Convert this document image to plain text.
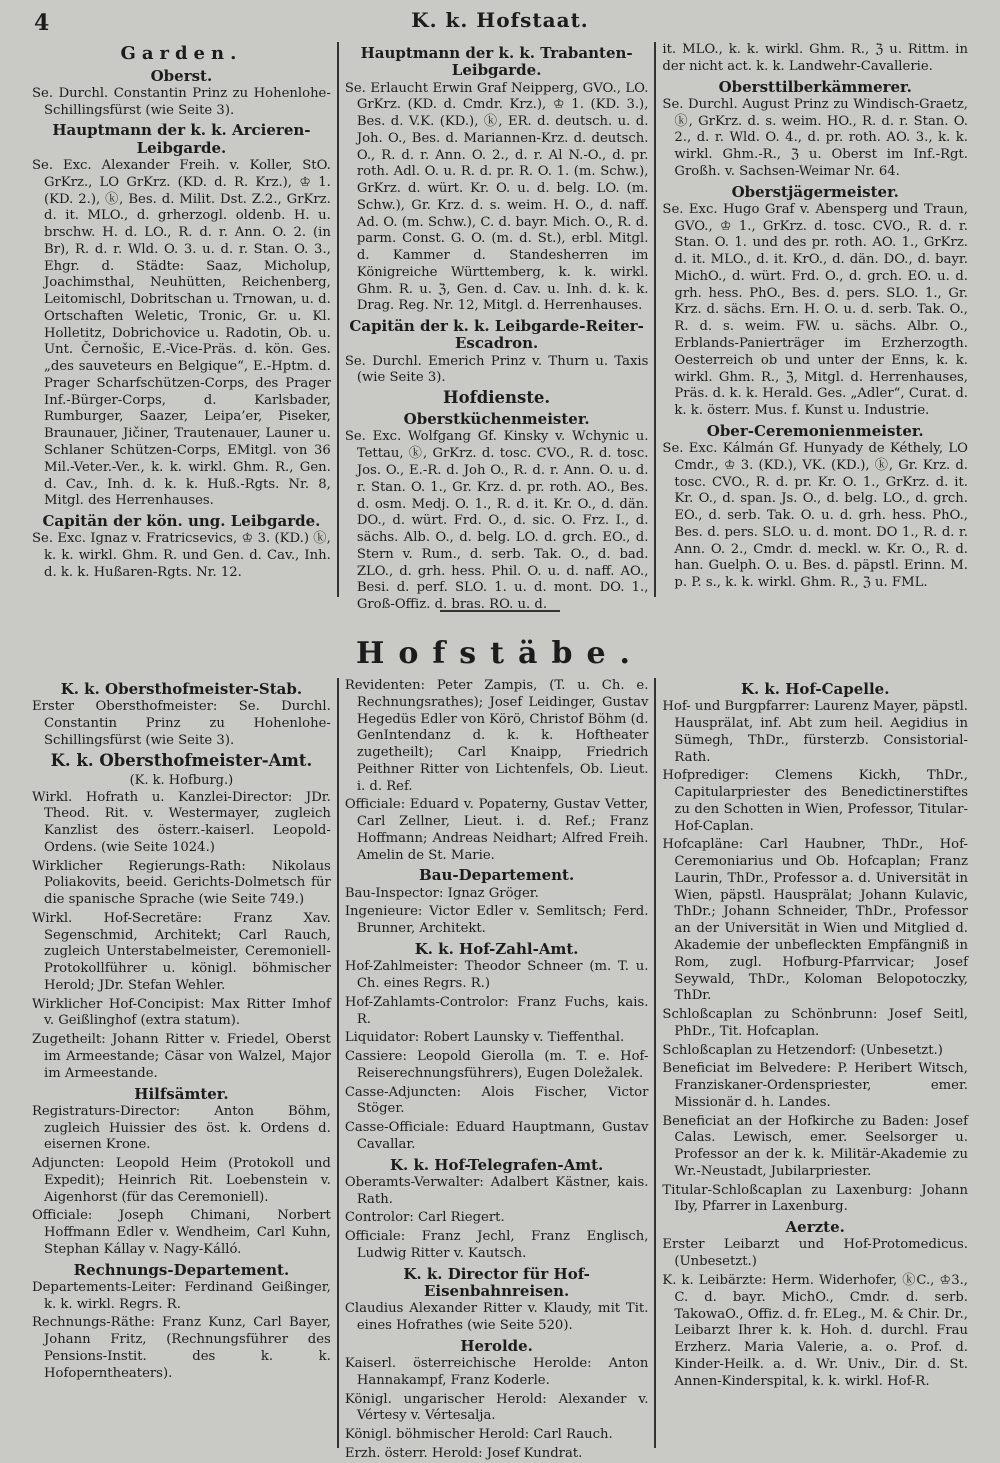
4	K. k. Hofstaat.
Garden.
Oberst.

Se. Durchl. Constantin Prinz zu Hohenlohe-Schillingsfürst (wie Seite 3).

Hauptmann der k. k. Arcieren-Leibgarde.

Se. Exc. Alexander Freih. v. Koller, StO. GrKrz., LO GrKrz. (KD. d. R. Krz.), ♔ 1. (KD. 2.), ⓚ, Bes. d. Milit. Dst. Z.2., GrKrz. d. it. MLO., d. grherzogl. oldenb. H. u. brschw. H. d. LO., R. d. r. Ann. O. 2. (in Br), R. d. r. Wld. O. 3. u. d. r. Stan. O. 3., Ehgr. d. Städte: Saaz, Micholup, Joachimsthal, Neuhütten, Reichenberg, Leitomischl, Dobritschan u. Trnowan, u. d. Ortschaften Weletic, Tronic, Gr. u. Kl. Holletitz, Dobrichovice u. Radotin, Ob. u. Unt. Černošic, E.-Vice-Präs. d. kön. Ges. „des sauveteurs en Belgique“, E.-Hptm. d. Prager Scharfschützen-Corps, des Prager Inf.-Bürger-Corps, d. Karlsbader, Rumburger, Saazer, Leipa’er, Piseker, Braunauer, Jičiner, Trautenauer, Launer u. Schlaner Schützen-Corps, EMitgl. von 36 Mil.-Veter.-Ver., k. k. wirkl. Ghm. R., Gen. d. Cav., Inh. d. k. k. Huß.-Rgts. Nr. 8, Mitgl. des Herrenhauses.

Capitän der kön. ung. Leibgarde.

Se. Exc. Ignaz v. Fratricsevics, ♔ 3. (KD.) ⓚ, k. k. wirkl. Ghm. R. und Gen. d. Cav., Inh. d. k. k. Hußaren-Rgts. Nr. 12.

Hauptmann der k. k. Trabanten-Leibgarde.

Se. Erlaucht Erwin Graf Neipperg, GVO., LO. GrKrz. (KD. d. Cmdr. Krz.), ♔ 1. (KD. 3.), Bes. d. V.K. (KD.), ⓚ, ER. d. deutsch. u. d. Joh. O., Bes. d. Mariannen-Krz. d. deutsch. O., R. d. r. Ann. O. 2., d. r. Al N.-O., d. pr. roth. Adl. O. u. R. d. pr. R. O. 1. (m. Schw.), GrKrz. d. würt. Kr. O. u. d. belg. LO. (m. Schw.), Gr. Krz. d. s. weim. H. O., d. naff. Ad. O. (m. Schw.), C. d. bayr. Mich. O., R. d. parm. Const. G. O. (m. d. St.), erbl. Mitgl. d. Kammer d. Standesherren im Königreiche Württemberg, k. k. wirkl. Ghm. R. u. ℨ, Gen. d. Cav. u. Inh. d. k. k. Drag. Reg. Nr. 12, Mitgl. d. Herrenhauses.

Capitän der k. k. Leibgarde-Reiter-Escadron.

Se. Durchl. Emerich Prinz v. Thurn u. Taxis (wie Seite 3).

Hofdienste.
Oberstküchenmeister.

Se. Exc. Wolfgang Gf. Kinsky v. Wchynic u. Tettau, ⓚ, GrKrz. d. tosc. CVO., R. d. tosc. Jos. O., E.-R. d. Joh O., R. d. r. Ann. O. u. d. r. Stan. O. 1., Gr. Krz. d. pr. roth. AO., Bes. d. osm. Medj. O. 1., R. d. it. Kr. O., d. dän. DO., d. würt. Frd. O., d. sic. O. Frz. I., d. sächs. Alb. O., d. belg. LO. d. grch. EO., d. Stern v. Rum., d. serb. Tak. O., d. bad. ZLO., d. grh. hess. Phil. O. u. d. naff. AO., Besi. d. perf. SLO. 1. u. d. mont. DO. 1., Groß-Offiz. d. bras. RO. u. d.

it. MLO., k. k. wirkl. Ghm. R., ℨ u. Rittm. in der nicht act. k. k. Landwehr-Cavallerie.

Obersttilberkämmerer.

Se. Durchl. August Prinz zu Windisch-Graetz, ⓚ, GrKrz. d. s. weim. HO., R. d. r. Stan. O. 2., d. r. Wld. O. 4., d. pr. roth. AO. 3., k. k. wirkl. Ghm.-R., ℨ u. Oberst im Inf.-Rgt. Großh. v. Sachsen-Weimar Nr. 64.

Oberstjägermeister.

Se. Exc. Hugo Graf v. Abensperg und Traun, GVO., ♔ 1., GrKrz. d. tosc. CVO., R. d. r. Stan. O. 1. und des pr. roth. AO. 1., GrKrz. d. it. MLO., d. it. KrO., d. dän. DO., d. bayr. MichO., d. würt. Frd. O., d. grch. EO. u. d. grh. hess. PhO., Bes. d. pers. SLO. 1., Gr. Krz. d. sächs. Ern. H. O. u. d. serb. Tak. O., R. d. s. weim. FW. u. sächs. Albr. O., Erblands-Panierträger im Erzherzogth. Oesterreich ob und unter der Enns, k. k. wirkl. Ghm. R., ℨ, Mitgl. d. Herrenhauses, Präs. d. k. k. Herald. Ges. „Adler“, Curat. d. k. k. österr. Mus. f. Kunst u. Industrie.

Ober-Ceremonienmeister.

Se. Exc. Kálmán Gf. Hunyady de Kéthely, LO Cmdr., ♔ 3. (KD.), VK. (KD.), ⓚ, Gr. Krz. d. tosc. CVO., R. d. pr. Kr. O. 1., GrKrz. d. it. Kr. O., d. span. Js. O., d. belg. LO., d. grch. EO., d. serb. Tak. O. u. d. grh. hess. PhO., Bes. d. pers. SLO. u. d. mont. DO 1., R. d. r. Ann. O. 2., Cmdr. d. meckl. w. Kr. O., R. d. han. Guelph. O. u. Bes. d. päpstl. Erinn. M. p. P. s., k. k. wirkl. Ghm. R., ℨ u. FML.

Hofstäbe.
K. k. Obersthofmeister-Stab.

Erster Obersthofmeister: Se. Durchl. Constantin Prinz zu Hohenlohe-Schillingsfürst (wie Seite 3).

K. k. Obersthofmeister-Amt.
(K. k. Hofburg.)

Wirkl. Hofrath u. Kanzlei-Director: JDr. Theod. Rit. v. Westermayer, zugleich Kanzlist des österr.-kaiserl. Leopold-Ordens. (wie Seite 1024.)

Wirklicher Regierungs-Rath: Nikolaus Poliakovits, beeid. Gerichts-Dolmetsch für die spanische Sprache (wie Seite 749.)

Wirkl. Hof-Secretäre: Franz Xav. Segenschmid, Architekt; Carl Rauch, zugleich Unterstabelmeister, Ceremoniell-Protokollführer u. königl. böhmischer Herold; JDr. Stefan Wehler.

Wirklicher Hof-Concipist: Max Ritter Imhof v. Geißlinghof (extra statum).

Zugetheilt: Johann Ritter v. Friedel, Oberst im Armeestande; Cäsar von Walzel, Major im Armeestande.

Hilfsämter.

Registraturs-Director: Anton Böhm, zugleich Huissier des öst. k. Ordens d. eisernen Krone.

Adjuncten: Leopold Heim (Protokoll und Expedit); Heinrich Rit. Loebenstein v. Aigenhorst (für das Ceremoniell).

Officiale: Joseph Chimani, Norbert Hoffmann Edler v. Wendheim, Carl Kuhn, Stephan Kállay v. Nagy-Kálló.

Rechnungs-Departement.

Departements-Leiter: Ferdinand Geißinger, k. k. wirkl. Regrs. R.

Rechnungs-Räthe: Franz Kunz, Carl Bayer, Johann Fritz, (Rechnungsführer des Pensions-Instit. des k. k. Hofopernthеaters).

Revidenten: Peter Zampis, (T. u. Ch. e. Rechnungsrathes); Josef Leidinger, Gustav Hegedüs Edler von Körö, Christof Böhm (d. GenIntendanz d. k. k. Hoftheater zugetheilt); Carl Knaipp, Friedrich Peithner Ritter von Lichtenfels, Ob. Lieut. i. d. Ref.

Officiale: Eduard v. Popaterny, Gustav Vetter, Carl Zellner, Lieut. i. d. Ref.; Franz Hoffmann; Andreas Neidhart; Alfred Freih. Amelin de St. Marie.

Bau-Departement.

Bau-Inspector: Ignaz Gröger.

Ingenieure: Victor Edler v. Semlitsch; Ferd. Brunner, Architekt.

K. k. Hof-Zahl-Amt.

Hof-Zahlmeister: Theodor Schneer (m. T. u. Ch. eines Regrs. R.)

Hof-Zahlamts-Controlor: Franz Fuchs, kais. R.

Liquidator: Robert Launsky v. Tieffenthal.

Cassiere: Leopold Gierolla (m. T. e. Hof-Reiserechnungsführers), Eugen Doležalek.

Casse-Adjuncten: Alois Fischer, Victor Stöger.

Casse-Officiale: Eduard Hauptmann, Gustav Cavallar.

K. k. Hof-Telegrafen-Amt.

Oberamts-Verwalter: Adalbert Kästner, kais. Rath.

Controlor: Carl Riegert.

Officiale: Franz Jechl, Franz Englisch, Ludwig Ritter v. Kautsch.

K. k. Director für Hof-Eisenbahnreisen.

Claudius Alexander Ritter v. Klaudy, mit Tit. eines Hofrathes (wie Seite 520).

Herolde.

Kaiserl. österreichische Herolde: Anton Hannakampf, Franz Koderle.

Königl. ungarischer Herold: Alexander v. Vértesy v. Vértesalja.

Königl. böhmischer Herold: Carl Rauch.

Erzh. österr. Herold: Josef Kundrat.

K. k. Hof-Capelle.

Hof- und Burgpfarrer: Laurenz Mayer, päpstl. Hausprälat, inf. Abt zum heil. Aegidius in Sümegh, ThDr., fürsterzb. Consistorial-Rath.

Hofprediger: Clemens Kickh, ThDr., Capitularpriester des Benedictinerstiftes zu den Schotten in Wien, Professor, Titular-Hof-Caplan.

Hofcapläne: Carl Haubner, ThDr., Hof-Ceremoniarius und Ob. Hofcaplan; Franz Laurin, ThDr., Professor a. d. Universität in Wien, päpstl. Hausprälat; Johann Kulavic, ThDr.; Johann Schneider, ThDr., Professor an der Universität in Wien und Mitglied d. Akademie der unbefleckten Empfängniß in Rom, zugl. Hofburg-Pfarrvicar; Josef Seywald, ThDr., Koloman Belopotoczky, ThDr.

Schloßcaplan zu Schönbrunn: Josef Seitl, PhDr., Tit. Hofcaplan.

Schloßcaplan zu Hetzendorf: (Unbesetzt.)

Beneficiat im Belvedere: P. Heribert Witsch, Franziskaner-Ordenspriester, emer. Missionär d. h. Landes.

Beneficiat an der Hofkirche zu Baden: Josef Calas. Lewisch, emer. Seelsorger u. Professor an der k. k. Militär-Akademie zu Wr.-Neustadt, Jubilarpriester.

Titular-Schloßcaplan zu Laxenburg: Johann Iby, Pfarrer in Laxenburg.

Aerzte.

Erster Leibarzt und Hof-Protomedicus. (Unbesetzt.)

K. k. Leibärzte: Herm. Widerhofer, ⓚC., ♔3., C. d. bayr. MichO., Cmdr. d. serb. TakowaO., Offiz. d. fr. ELeg., M. & Chir. Dr., Leibarzt Ihrer k. k. Hoh. d. durchl. Frau Erzherz. Maria Valerie, a. o. Prof. d. Kinder-Heilk. a. d. Wr. Univ., Dir. d. St. Annen-Kinderspital, k. k. wirkl. Hof-R.
